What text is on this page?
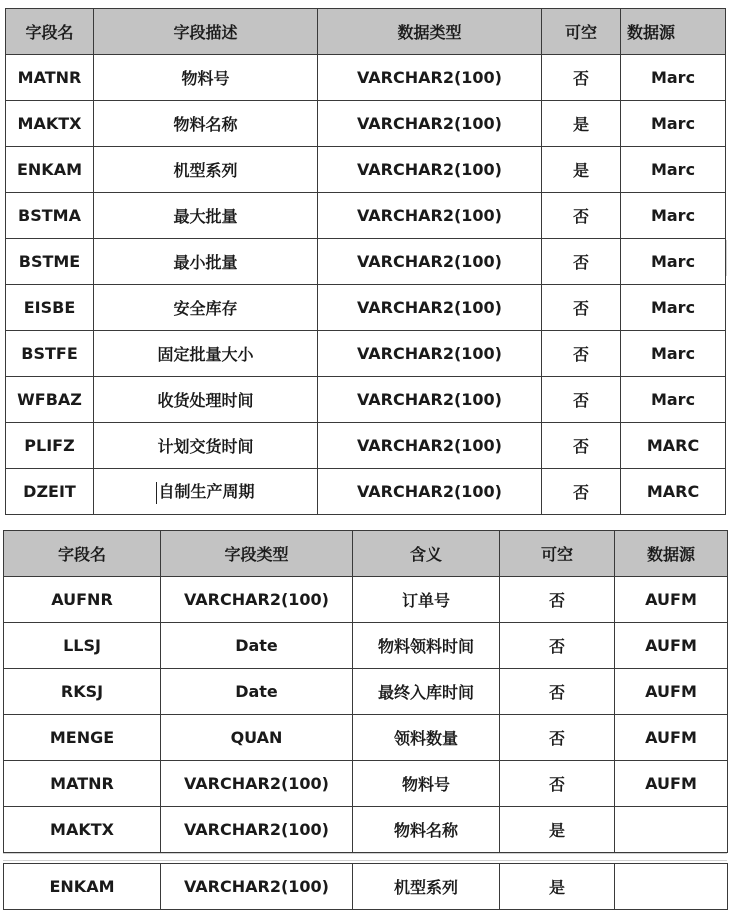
字段名	字段描述	数据类型	可空	数据源
MATNR	物料号	VARCHAR2(100)	否	Marc
MAKTX	物料名称	VARCHAR2(100)	是	Marc
ENKAM	机型系列	VARCHAR2(100)	是	Marc
BSTMA	最大批量	VARCHAR2(100)	否	Marc
BSTME	最小批量	VARCHAR2(100)	否	Marc
EISBE	安全库存	VARCHAR2(100)	否	Marc
BSTFE	固定批量大小	VARCHAR2(100)	否	Marc
WFBAZ	收货处理时间	VARCHAR2(100)	否	Marc
PLIFZ	计划交货时间	VARCHAR2(100)	否	MARC
DZEIT	自制生产周期	VARCHAR2(100)	否	MARC
字段名	字段类型	含义	可空	数据源
AUFNR	VARCHAR2(100)	订单号	否	AUFM
LLSJ	Date	物料领料时间	否	AUFM
RKSJ	Date	最终入库时间	否	AUFM
MENGE	QUAN	领料数量	否	AUFM
MATNR	VARCHAR2(100)	物料号	否	AUFM
MAKTX	VARCHAR2(100)	物料名称	是	
ENKAM	VARCHAR2(100)	机型系列	是	
